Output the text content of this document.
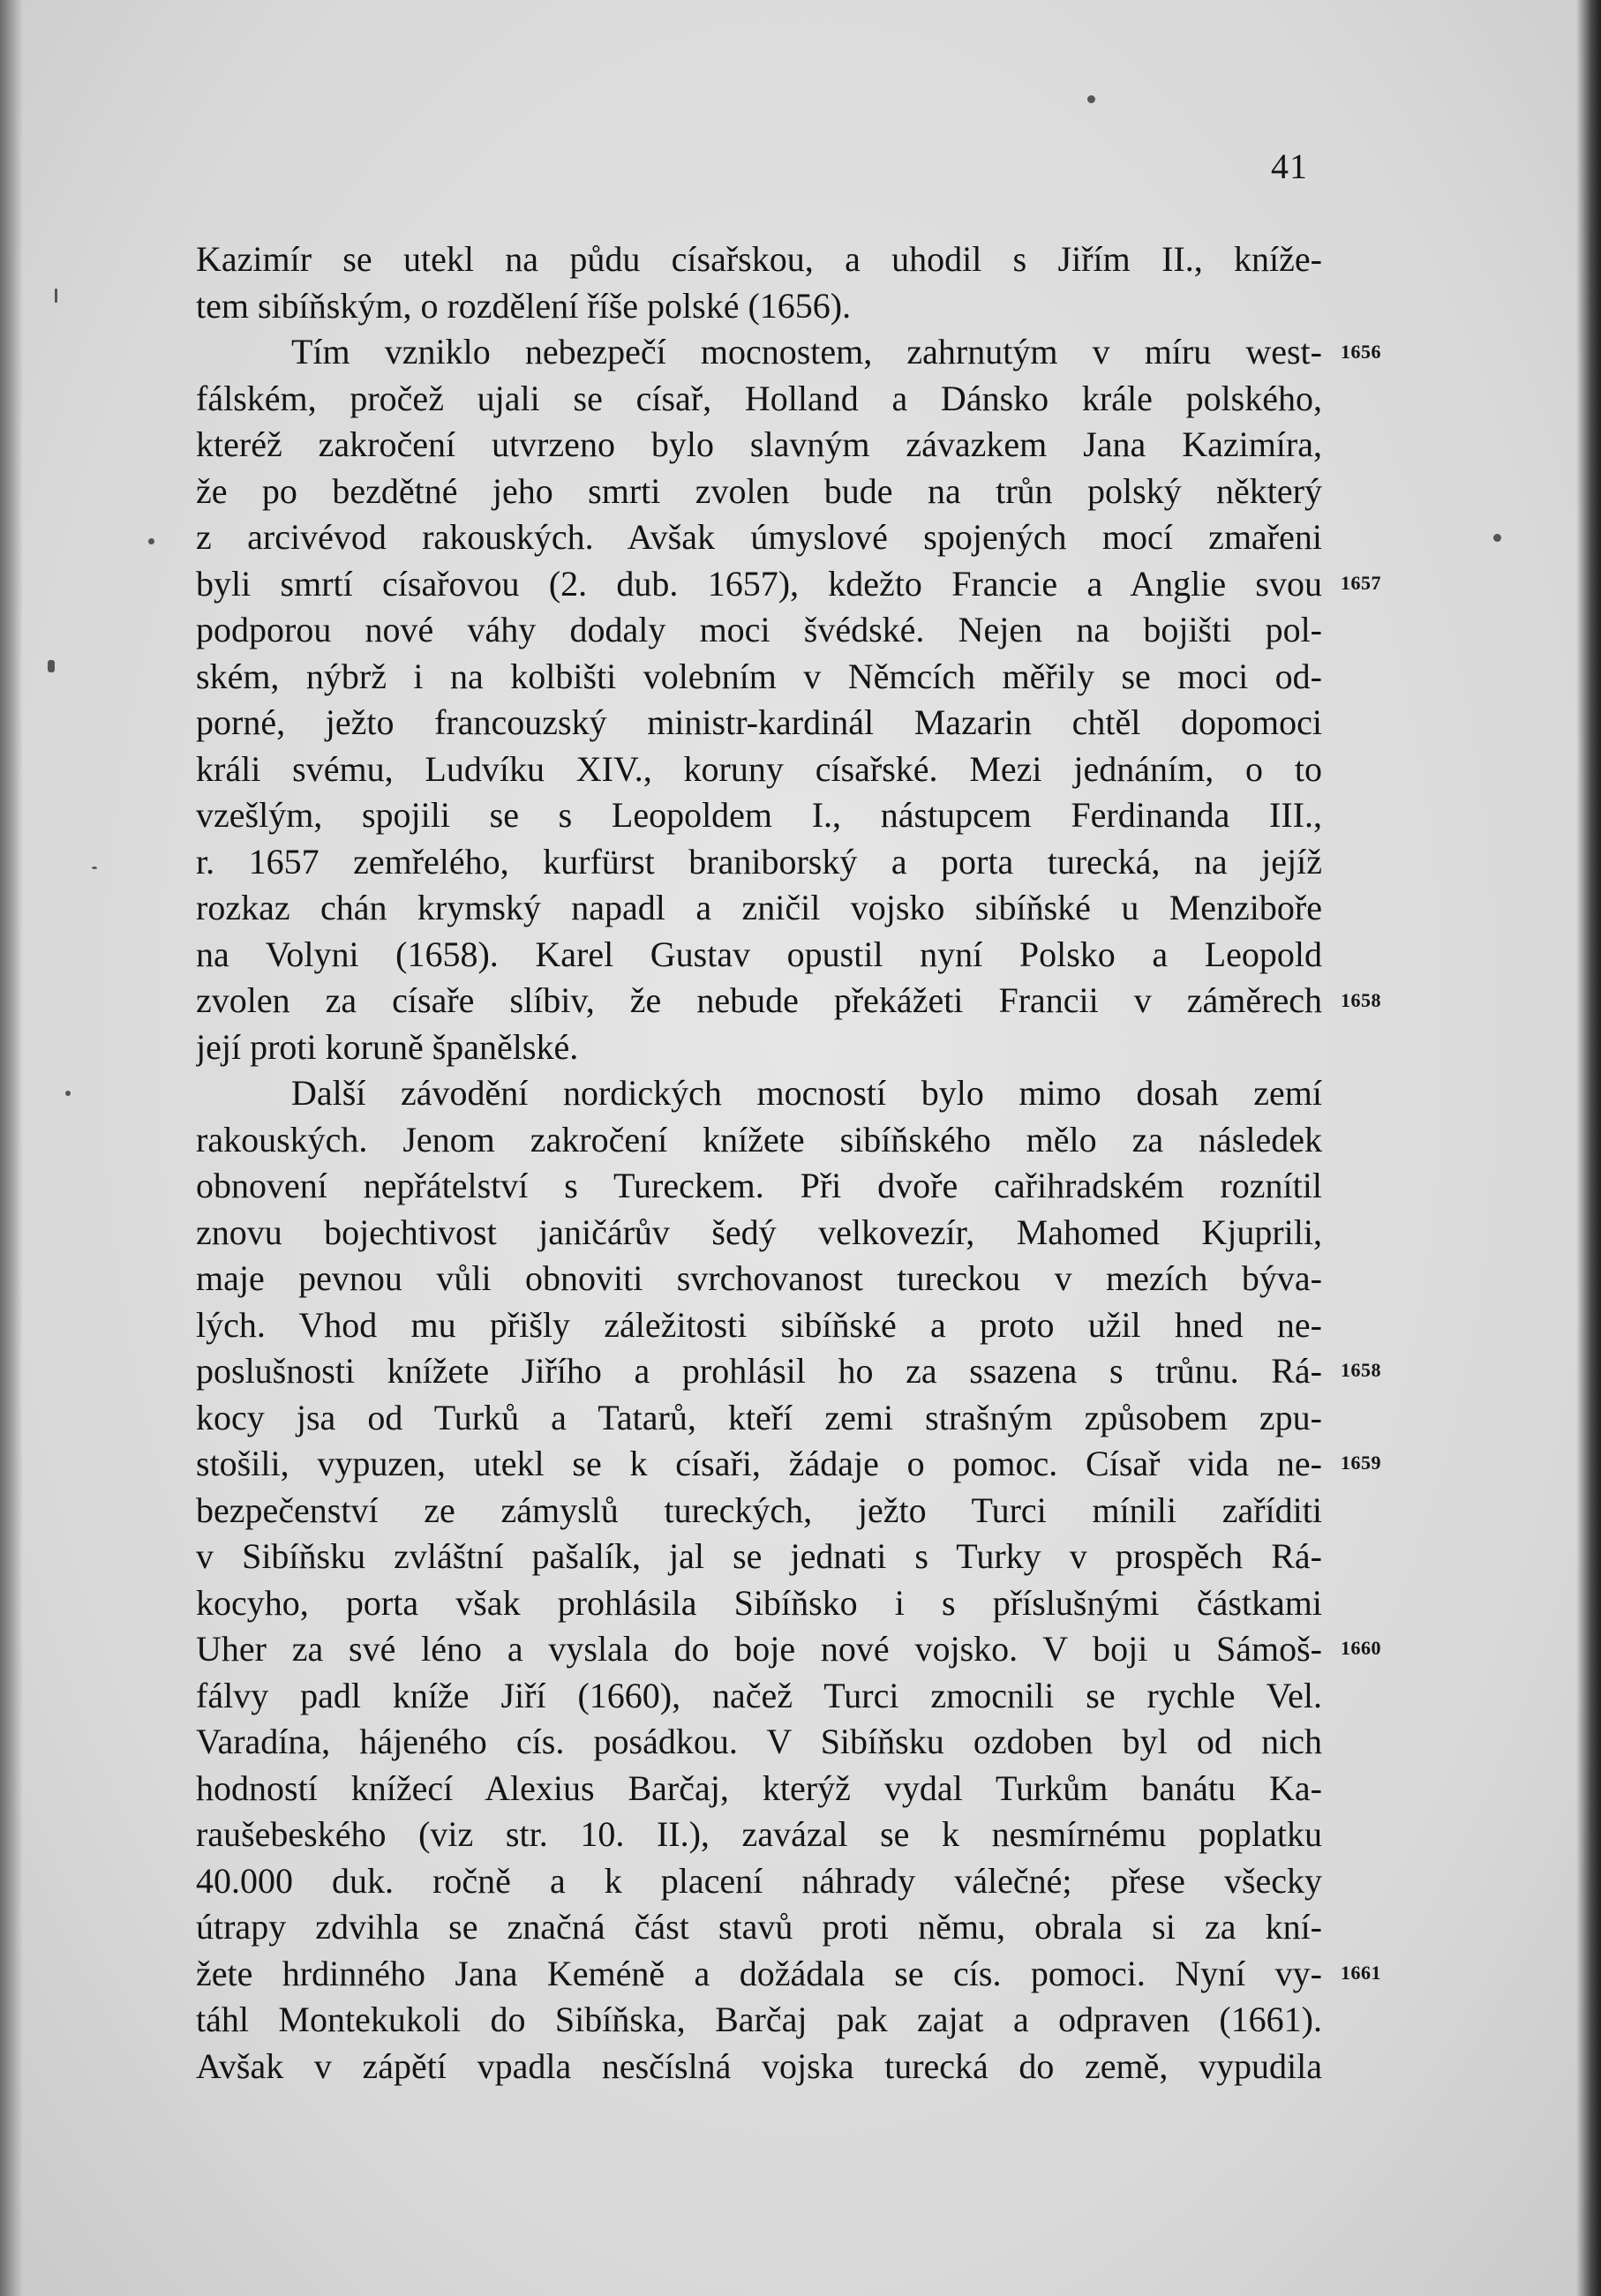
41
Kazimír se utekl na půdu císařskou, a uhodil s Jiřím II., kníže-
tem sibíňským, o rozdělení říše polské (1656).
Tím vzniklo nebezpečí mocnostem, zahrnutým v míru west-
fálském, pročež ujali se císař, Holland a Dánsko krále polského,
kteréž zakročení utvrzeno bylo slavným závazkem Jana Kazimíra,
že po bezdětné jeho smrti zvolen bude na trůn polský některý
z arcivévod rakouských. Avšak úmyslové spojených mocí zmařeni
byli smrtí císařovou (2. dub. 1657), kdežto Francie a Anglie svou
podporou nové váhy dodaly moci švédské. Nejen na bojišti pol-
ském, nýbrž i na kolbišti volebním v Němcích měřily se moci od-
porné, ježto francouzský ministr-kardinál Mazarin chtěl dopomoci
králi svému, Ludvíku XIV., koruny císařské. Mezi jednáním, o to
vzešlým, spojili se s Leopoldem I., nástupcem Ferdinanda III.,
r. 1657 zemřelého, kurfürst braniborský a porta turecká, na jejíž
rozkaz chán krymský napadl a zničil vojsko sibíňské u Menziboře
na Volyni (1658). Karel Gustav opustil nyní Polsko a Leopold
zvolen za císaře slíbiv, že nebude překážeti Francii v záměrech
její proti koruně španělské.
Další závodění nordických mocností bylo mimo dosah zemí
rakouských. Jenom zakročení knížete sibíňského mělo za následek
obnovení nepřátelství s Tureckem. Při dvoře cařihradském roznítil
znovu bojechtivost janičárův šedý velkovezír, Mahomed Kjuprili,
maje pevnou vůli obnoviti svrchovanost tureckou v mezích býva-
lých. Vhod mu přišly záležitosti sibíňské a proto užil hned ne-
poslušnosti knížete Jiřího a prohlásil ho za ssazena s trůnu. Rá-
kocy jsa od Turků a Tatarů, kteří zemi strašným způsobem zpu-
stošili, vypuzen, utekl se k císaři, žádaje o pomoc. Císař vida ne-
bezpečenství ze zámyslů tureckých, ježto Turci mínili zaříditi
v Sibíňsku zvláštní pašalík, jal se jednati s Turky v prospěch Rá-
kocyho, porta však prohlásila Sibíňsko i s příslušnými částkami
Uher za své léno a vyslala do boje nové vojsko. V boji u Sámoš-
fálvy padl kníže Jiří (1660), načež Turci zmocnili se rychle Vel.
Varadína, hájeného cís. posádkou. V Sibíňsku ozdoben byl od nich
hodností knížecí Alexius Barčaj, kterýž vydal Turkům banátu Ka-
raušebeského (viz str. 10. II.), zavázal se k nesmírnému poplatku
40.000 duk. ročně a k placení náhrady válečné; přese všecky
útrapy zdvihla se značná část stavů proti němu, obrala si za kní-
žete hrdinného Jana Keméně a dožádala se cís. pomoci. Nyní vy-
táhl Montekukoli do Sibíňska, Barčaj pak zajat a odpraven (1661).
Avšak v zápětí vpadla nesčíslná vojska turecká do země, vypudila
1656
1657
1658
1658
1659
1660
1661
